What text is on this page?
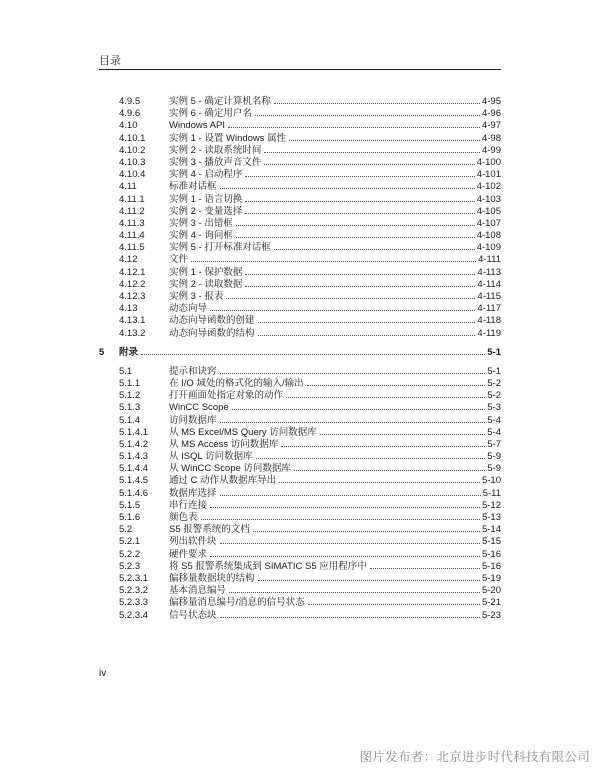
目录
4.9.5	实例 5 - 确定计算机名称	4-95
4.9.6	实例 6 - 确定用户名	4-96
4.10	Windows API	4-97
4.10.1 实例 1 - 设置 Windows 属性	4-98
4.10.2 实例 2 - 读取系统时间	4-99
4.10.3 实例 3 - 播放声音文件	4-100
4.10.4 实例 4 - 启动程序	4-101
4.11	标准对话框	4-102
4.11.1	实例 1 - 语言切换	4-103
4.11.2	实例 2 - 变量选择	4-105
4.11.3	实例 3 - 出错框	4-107
4.11.4	实例 4 - 询问框	4-108
4.11.5	实例 5 - 打开标准对话框	4-109
4.12	文件	4-111
4.12.1 实例 1 - 保护数据	4-113
4.12.2 实例 2 - 读取数据	4-114
4.12.3 实例 3 - 报表	4-115
4.13	动态向导	4-117
4.13.1 动态向导函数的创建	4-118
4.13.2 动态向导函数的结构	4-119
5 附录	5-1
5.1	提示和诀窍	5-1
5.1.1	在 I/O 域处的格式化的输入/输出	5-2
5.1.2	打开画面处指定对象的动作	5-2
5.1.3	WinCC Scope	5-3
5.1.4	访问数据库	5-4
5.1.4.1 从 MS Excel/MS Query 访问数据库	5-4
5.1.4.2 从 MS Access 访问数据库	5-7
5.1.4.3 从 ISQL 访问数据库	5-9
5.1.4.4 从 WinCC Scope 访问数据库	5-9
5.1.4.5 通过 C 动作从数据库导出	5-10
5.1.4.6 数据库选择	5-11
5.1.5	串行连接	5-12
5.1.6	颜色表	5-13
5.2	S5 报警系统的文档	5-14
5.2.1	列出软件块	5-15
5.2.2	硬件要求	5-16
5.2.3	将 S5 报警系统集成到 SIMATIC S5 应用程序中	5-16
5.2.3.1 偏移量数据块的结构	5-19
5.2.3.2 基本消息编号	5-20
5.2.3.3 偏移量消息编号/消息的信号状态	5-21
5.2.3.4 信号状态块	5-23
iv
图片发布者：北京进步时代科技有限公司
